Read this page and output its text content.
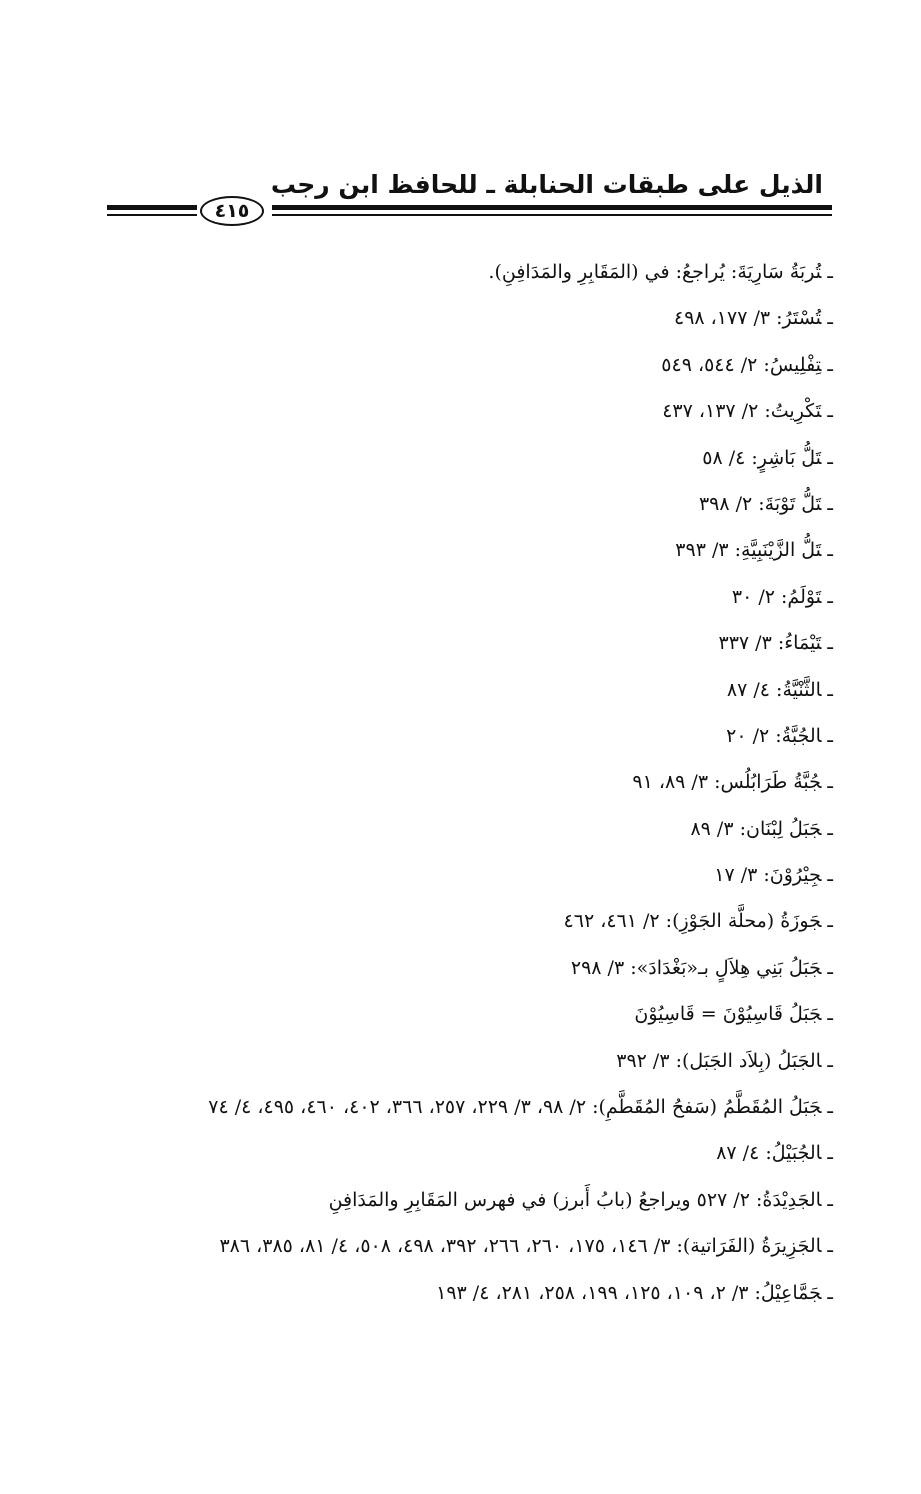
الذيل على طبقات الحنابلة ـ للحافظ ابن رجب
٤١٥
ـتُربَةُ سَارِيَةَ: يُراجعُ: في (المَقَابِرِ والمَدَافِنِ).
ـتُسْتَرُ: ٣/ ١٧٧، ٤٩٨
ـتِفْلِيسُ: ٢/ ٥٤٤، ٥٤٩
ـتَكْرِيتُ: ٢/ ١٣٧، ٤٣٧
ـتَلُّ بَاشِرٍ: ٤/ ٥٨
ـتَلُّ تَوْبَةَ: ٢/ ٣٩٨
ـتَلُّ الزَّيْنَبِيَّةِ: ٣/ ٣٩٣
ـتَوْلَمُ: ٢/ ٣٠
ـتَيْمَاءُ: ٣/ ٣٣٧
ـالثَّنْيَّةُ: ٤/ ٨٧
ـالجُبَّةُ: ٢/ ٢٠
ـجُبَّةُ طَرَابُلُس: ٣/ ٨٩، ٩١
ـجَبَلُ لِبْنَان: ٣/ ٨٩
ـجِيْرُوْنَ: ٣/ ١٧
ـجَوزَةُ (محلَّة الجَوْزِ): ٢/ ٤٦١، ٤٦٢
ـجَبَلُ بَنِي هِلاَلٍ بـ«بَغْدَادَ»: ٣/ ٢٩٨
ـجَبَلُ قَاسِيُوْنَ = قَاسِيُوْنَ
ـالجَبَلُ (بِلاَد الجَبَل): ٣/ ٣٩٢
ـجَبَلُ المُقَطَّمُ (سَفحُ المُقَطَّمِ): ٢/ ٩٨، ٣/ ٢٢٩، ٢٥٧، ٣٦٦، ٤٠٢، ٤٦٠، ٤٩٥، ٤/ ٧٤
ـالجُبَيْلُ: ٤/ ٨٧
ـالجَدِيْدَةُ: ٢/ ٥٢٧ ويراجعُ (بابُ أَبرز) في فهرس المَقَابِرِ والمَدَافِنِ
ـالجَزِيرَةُ (الفَرَاتية): ٣/ ١٤٦، ١٧٥، ٢٦٠، ٢٦٦، ٣٩٢، ٤٩٨، ٥٠٨، ٤/ ٨١، ٣٨٥، ٣٨٦
ـجَمَّاعِيْلُ: ٣/ ٢، ١٠٩، ١٢٥، ١٩٩، ٢٥٨، ٢٨١، ٤/ ١٩٣
